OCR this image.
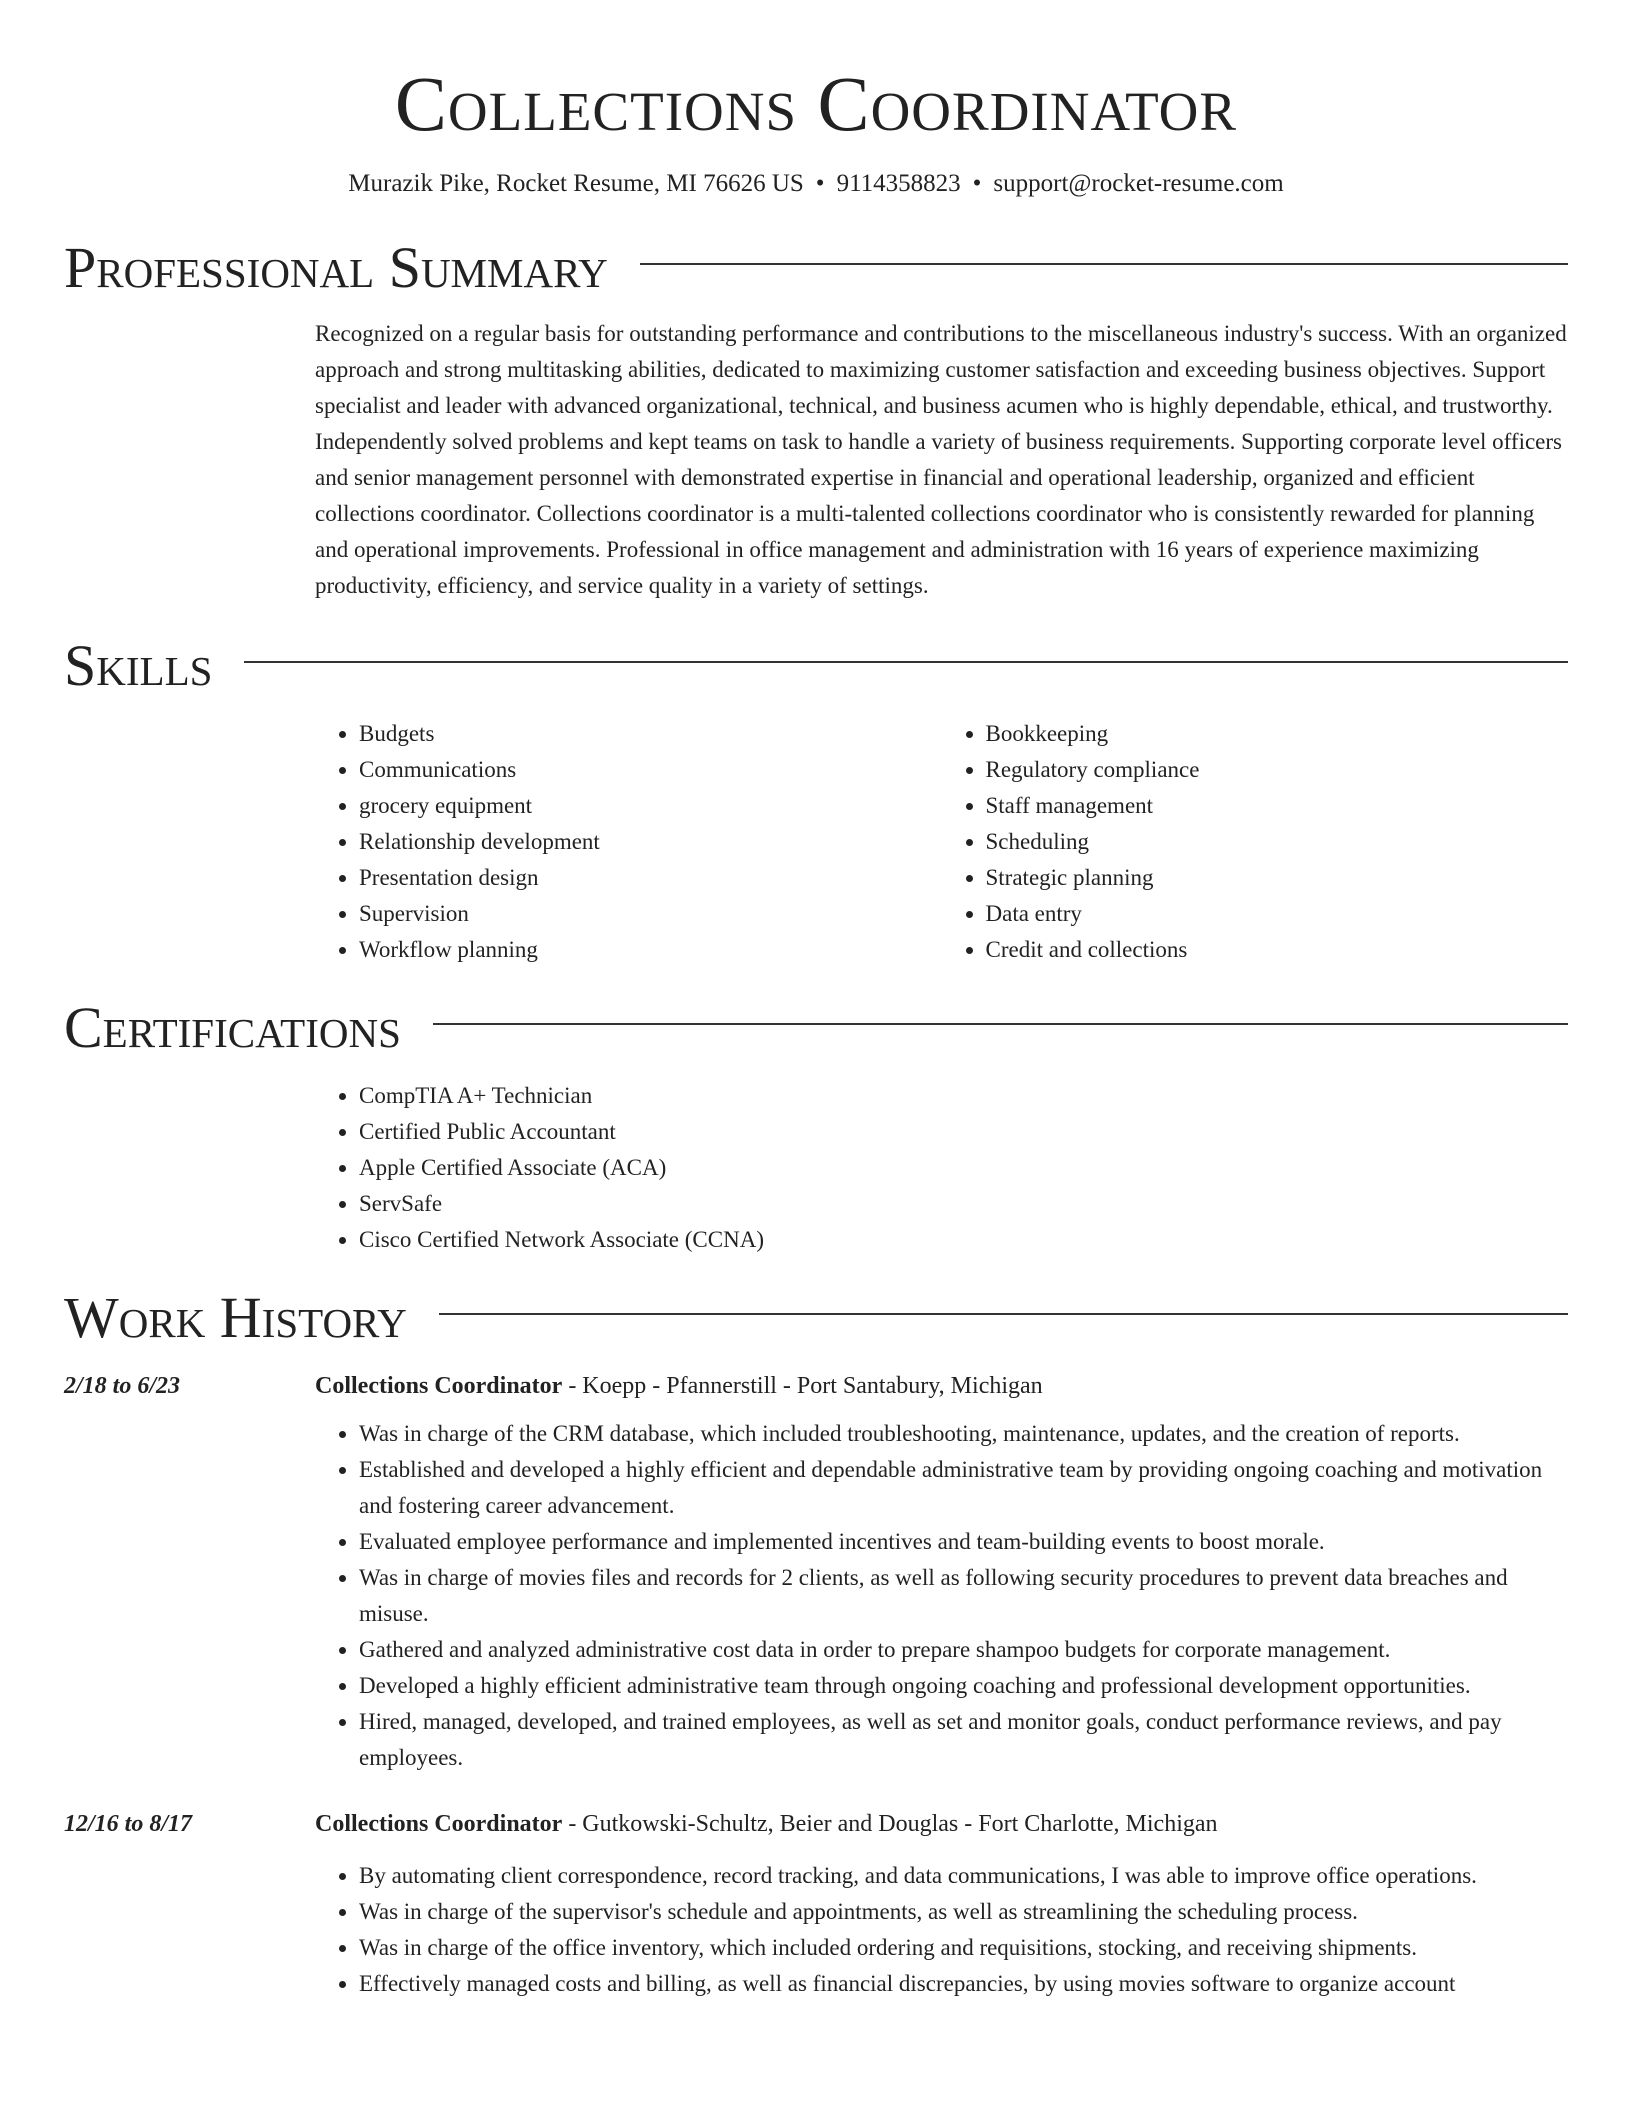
Collections Coordinator
Murazik Pike, Rocket Resume, MI 76626 US • 9114358823 • support@rocket-resume.com
Professional Summary

Recognized on a regular basis for outstanding performance and contributions to the miscellaneous industry's success. With an organized approach and strong multitasking abilities, dedicated to maximizing customer satisfaction and exceeding business objectives. Support specialist and leader with advanced organizational, technical, and business acumen who is highly dependable, ethical, and trustworthy. Independently solved problems and kept teams on task to handle a variety of business requirements. Supporting corporate level officers and senior management personnel with demonstrated expertise in financial and operational leadership, organized and efficient collections coordinator. Collections coordinator is a multi-talented collections coordinator who is consistently rewarded for planning and operational improvements. Professional in office management and administration with 16 years of experience maximizing productivity, efficiency, and service quality in a variety of settings.

Skills
• Budgets
• Communications
• grocery equipment
• Relationship development
• Presentation design
• Supervision
• Workflow planning
• Bookkeeping
• Regulatory compliance
• Staff management
• Scheduling
• Strategic planning
• Data entry
• Credit and collections
Certifications
• CompTIA A+ Technician
• Certified Public Accountant
• Apple Certified Associate (ACA)
• ServSafe
• Cisco Certified Network Associate (CCNA)
Work History
2/18 to 6/23	Collections Coordinator - Koepp - Pfannerstill - Port Santabury, Michigan
• Was in charge of the CRM database, which included troubleshooting, maintenance, updates, and the creation of reports.
• Established and developed a highly efficient and dependable administrative team by providing ongoing coaching and motivation and fostering career advancement.
• Evaluated employee performance and implemented incentives and team-building events to boost morale.
• Was in charge of movies files and records for 2 clients, as well as following security procedures to prevent data breaches and misuse.
• Gathered and analyzed administrative cost data in order to prepare shampoo budgets for corporate management.
• Developed a highly efficient administrative team through ongoing coaching and professional development opportunities.
• Hired, managed, developed, and trained employees, as well as set and monitor goals, conduct performance reviews, and pay employees.
12/16 to 8/17	Collections Coordinator - Gutkowski-Schultz, Beier and Douglas - Fort Charlotte, Michigan
• By automating client correspondence, record tracking, and data communications, I was able to improve office operations.
• Was in charge of the supervisor's schedule and appointments, as well as streamlining the scheduling process.
• Was in charge of the office inventory, which included ordering and requisitions, stocking, and receiving shipments.
• Effectively managed costs and billing, as well as financial discrepancies, by using movies software to organize account
